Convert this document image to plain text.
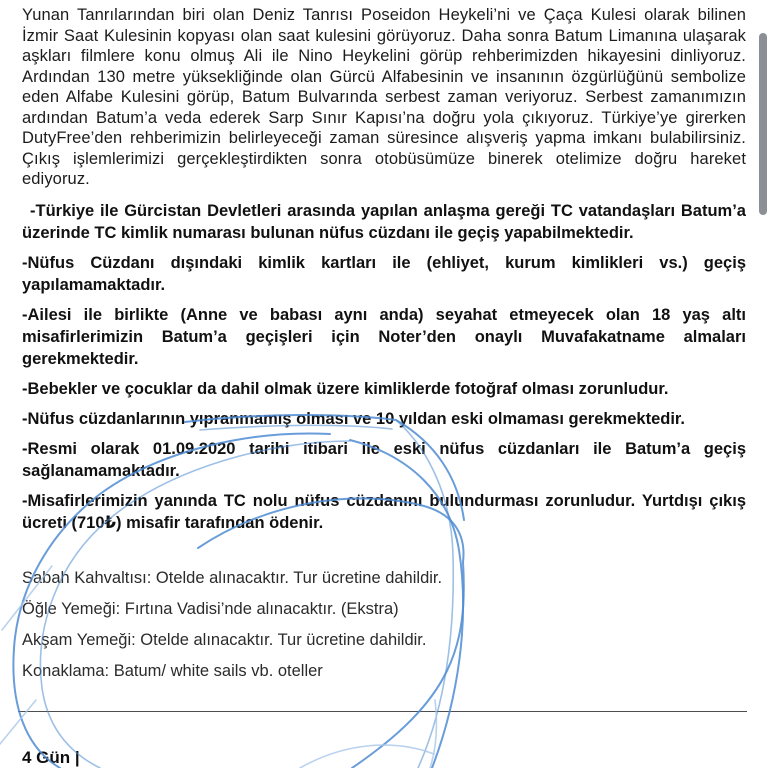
Yunan Tanrılarından biri olan Deniz Tanrısı Poseidon Heykeli’ni ve Çaça Kulesi olarak bilinen İzmir Saat Kulesinin kopyası olan saat kulesini görüyoruz. Daha sonra Batum Limanına ulaşarak aşkları filmlere konu olmuş Ali ile Nino Heykelini görüp rehberimizden hikayesini dinliyoruz. Ardından 130 metre yüksekliğinde olan Gürcü Alfabesinin ve insanının özgürlüğünü sembolize eden Alfabe Kulesini görüp, Batum Bulvarında serbest zaman veriyoruz. Serbest zamanımızın ardından Batum’a veda ederek Sarp Sınır Kapısı’na doğru yola çıkıyoruz. Türkiye’ye girerken DutyFree’den rehberimizin belirleyeceği zaman süresince alışveriş yapma imkanı bulabilirsiniz. Çıkış işlemlerimizi gerçekleştirdikten sonra otobüsümüze binerek otelimize doğru hareket ediyoruz.

-Türkiye ile Gürcistan Devletleri arasında yapılan anlaşma gereği TC vatandaşları Batum’a üzerinde TC kimlik numarası bulunan nüfus cüzdanı ile geçiş yapabilmektedir.

-Nüfus Cüzdanı dışındaki kimlik kartları ile (ehliyet, kurum kimlikleri vs.) geçiş yapılamamaktadır.

-Ailesi ile birlikte (Anne ve babası aynı anda) seyahat etmeyecek olan 18 yaş altı misafirlerimizin Batum’a geçişleri için Noter’den onaylı Muvafakatname almaları gerekmektedir.

-Bebekler ve çocuklar da dahil olmak üzere kimliklerde fotoğraf olması zorunludur.

-Nüfus cüzdanlarının yıpranmamış olması ve 10 yıldan eski olmaması gerekmektedir.

-Resmi olarak 01.09.2020 tarihi itibari ile eski nüfus cüzdanları ile Batum’a geçiş sağlanamamaktadır.

-Misafirlerimizin yanında TC nolu nüfus cüzdanını bulundurması zorunludur. Yurtdışı çıkış ücreti (710₺) misafir tarafından ödenir.

Sabah Kahvaltısı: Otelde alınacaktır. Tur ücretine dahildir.

Öğle Yemeği: Fırtına Vadisi’nde alınacaktır. (Ekstra)

Akşam Yemeği: Otelde alınacaktır. Tur ücretine dahildir.

Konaklama: Batum/ white sails vb. oteller

4 Gün |
